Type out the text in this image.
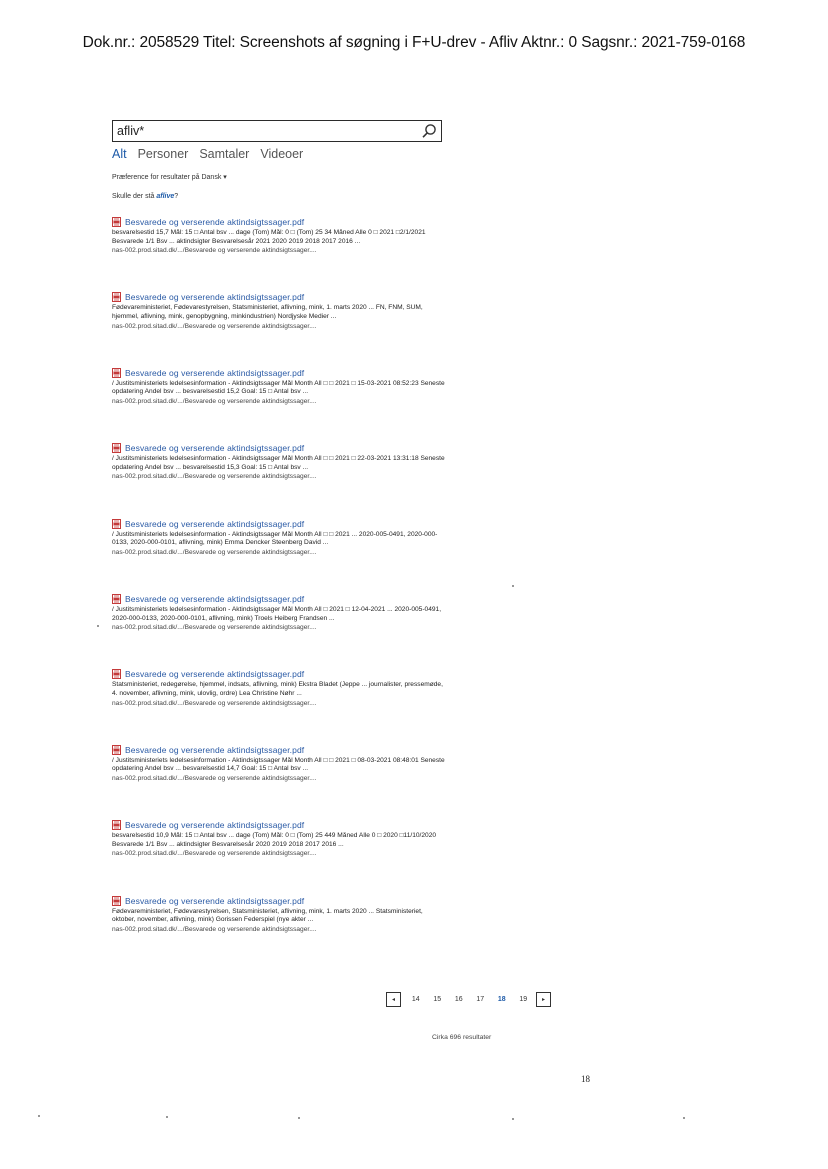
Dok.nr.: 2058529 Titel: Screenshots af søgning i F+U-drev - Afliv Aktnr.: 0 Sagsnr.: 2021-759-0168
afliv*
Alt Personer Samtaler Videoer
Præference for resultater på Dansk ▾
Skulle der stå aflive?
Besvarede og verserende aktindsigtssager.pdf
besvarelsestid 15,7 Mål: 15 □ Antal bsv ... dage (Tom) Mål: 0 □ (Tom) 25 34 Måned Alle 0 □ 2021 □2/1/2021 Besvarede 1/1 Bsv ... aktindsigter Besvarelsesår 2021 2020 2019 2018 2017 2016 ...
nas-002.prod.sitad.dk/.../Besvarede og verserende aktindsigtssager....
Besvarede og verserende aktindsigtssager.pdf
Fødevareministeriet, Fødevarestyrelsen, Statsministeriet, aflivning, mink, 1. marts 2020 ... FN, FNM, SUM, hjemmel, aflivning, mink, genopbygning, minkindustrien) Nordjyske Medier ...
nas-002.prod.sitad.dk/.../Besvarede og verserende aktindsigtssager....
Besvarede og verserende aktindsigtssager.pdf
/ Justitsministeriets ledelsesinformation - Aktindsigtssager Mål Month All □ □ 2021 □ 15-03-2021 08:52:23 Seneste opdatering Andel bsv ... besvarelsestid 15,2 Goal: 15 □ Antal bsv ...
nas-002.prod.sitad.dk/.../Besvarede og verserende aktindsigtssager....
Besvarede og verserende aktindsigtssager.pdf
/ Justitsministeriets ledelsesinformation - Aktindsigtssager Mål Month All □ □ 2021 □ 22-03-2021 13:31:18 Seneste opdatering Andel bsv ... besvarelsestid 15,3 Goal: 15 □ Antal bsv ...
nas-002.prod.sitad.dk/.../Besvarede og verserende aktindsigtssager....
Besvarede og verserende aktindsigtssager.pdf
/ Justitsministeriets ledelsesinformation - Aktindsigtssager Mål Month All □ □ 2021 ... 2020-005-0491, 2020-000-0133, 2020-000-0101, aflivning, mink) Emma Dencker Steenberg David ...
nas-002.prod.sitad.dk/.../Besvarede og verserende aktindsigtssager....
Besvarede og verserende aktindsigtssager.pdf
/ Justitsministeriets ledelsesinformation - Aktindsigtssager Mål Month All □ 2021 □ 12-04-2021 ... 2020-005-0491, 2020-000-0133, 2020-000-0101, aflivning, mink) Troels Heiberg Frandsen ...
nas-002.prod.sitad.dk/.../Besvarede og verserende aktindsigtssager....
Besvarede og verserende aktindsigtssager.pdf
Statsministeriet, redegørelse, hjemmel, indsats, aflivning, mink) Ekstra Bladet (Jeppe ... journalister, pressemøde, 4. november, aflivning, mink, ulovlig, ordre) Lea Christine Nøhr ...
nas-002.prod.sitad.dk/.../Besvarede og verserende aktindsigtssager....
Besvarede og verserende aktindsigtssager.pdf
/ Justitsministeriets ledelsesinformation - Aktindsigtssager Mål Month All □ □ 2021 □ 08-03-2021 08:48:01 Seneste opdatering Andel bsv ... besvarelsestid 14,7 Goal: 15 □ Antal bsv ...
nas-002.prod.sitad.dk/.../Besvarede og verserende aktindsigtssager....
Besvarede og verserende aktindsigtssager.pdf
besvarelsestid 10,9 Mål: 15 □ Antal bsv ... dage (Tom) Mål: 0 □ (Tom) 25 449 Måned Alle 0 □ 2020 □11/10/2020 Besvarede 1/1 Bsv ... aktindsigter Besvarelsesår 2020 2019 2018 2017 2016 ...
nas-002.prod.sitad.dk/.../Besvarede og verserende aktindsigtssager....
Besvarede og verserende aktindsigtssager.pdf
Fødevareministeriet, Fødevarestyrelsen, Statsministeriet, aflivning, mink, 1. marts 2020 ... Statsministeriet, oktober, november, aflivning, mink) Gorissen Federspiel (nye akter ...
nas-002.prod.sitad.dk/.../Besvarede og verserende aktindsigtssager....
◂	14	15	16	17	18	19	▸
Cirka 696 resultater
18
